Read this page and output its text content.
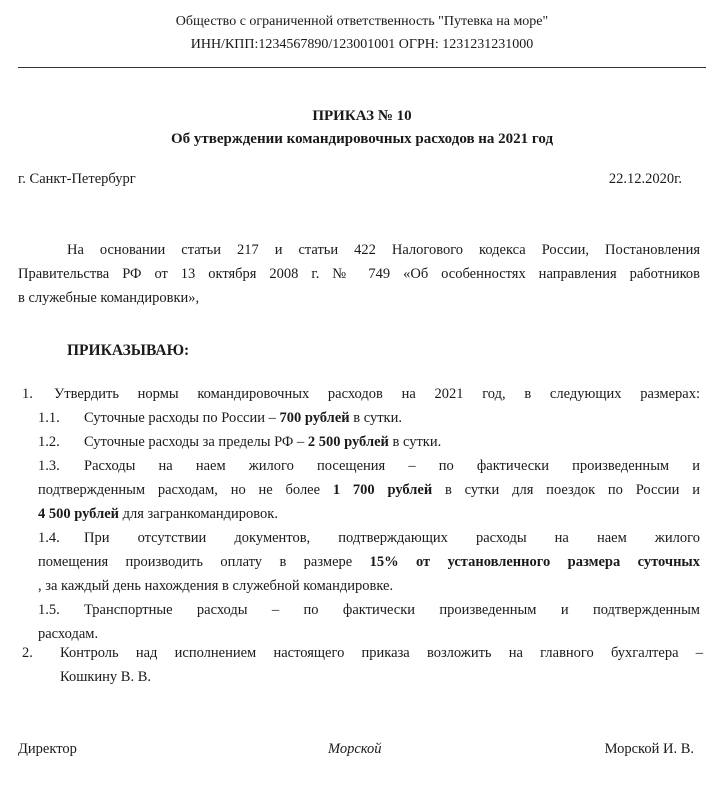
Общество с ограниченной ответственность "Путевка на море"
ИНН/КПП:1234567890/123001001 ОГРН: 1231231231000
ПРИКАЗ № 10
Об утверждении командировочных расходов на 2021 год
г. Санкт-Петербург	22.12.2020г.
На основании статьи 217 и статьи 422 Налогового кодекса России, Постановления
Правительства РФ от 13 октября 2008 г. № 749 «Об особенностях направления работников
в служебные командировки»,
ПРИКАЗЫВАЮ:
1. Утвердить нормы командировочных расходов на 2021 год, в следующих размерах:
1.1. Суточные расходы по России – 700 рублей в сутки.
1.2. Суточные расходы за пределы РФ – 2 500 рублей в сутки.
1.3. Расходы на наем жилого посещения – по фактически произведенным и
подтвержденным расходам, но не более 1 700 рублей в сутки для поездок по России и
4 500 рублей для загранкомандировок.
1.4. При отсутствии документов, подтверждающих расходы на наем жилого
помещения производить оплату в размере 15% от установленного размера суточных
, за каждый день нахождения в служебной командировке.
1.5. Транспортные расходы – по фактически произведенным и подтвержденным
расходам.
2. Контроль над исполнением настоящего приказа возложить на главного бухгалтера –
Кошкину В. В.
Директор	Морской	Морской И. В.
